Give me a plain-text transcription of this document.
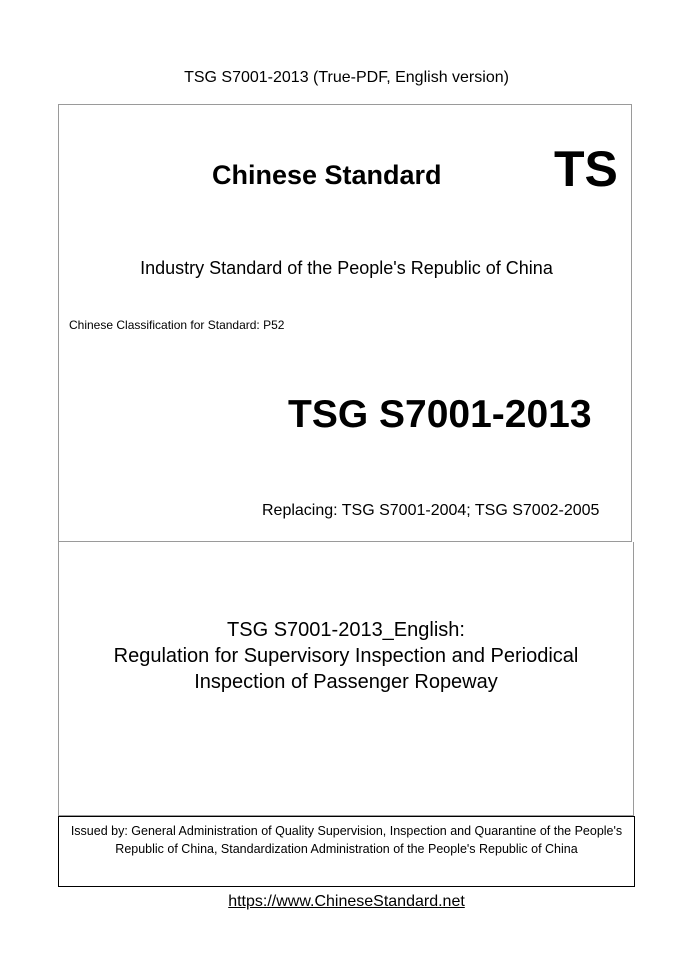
TSG S7001-2013 (True-PDF, English version)
Chinese Standard TS
Industry Standard of the People's Republic of China
Chinese Classification for Standard: P52
TSG S7001-2013
Replacing: TSG S7001-2004; TSG S7002-2005
TSG S7001-2013_English:
Regulation for Supervisory Inspection and Periodical
Inspection of Passenger Ropeway
Issued by: General Administration of Quality Supervision, Inspection and Quarantine of the People's Republic of China, Standardization Administration of the People's Republic of China
https://www.ChineseStandard.net
